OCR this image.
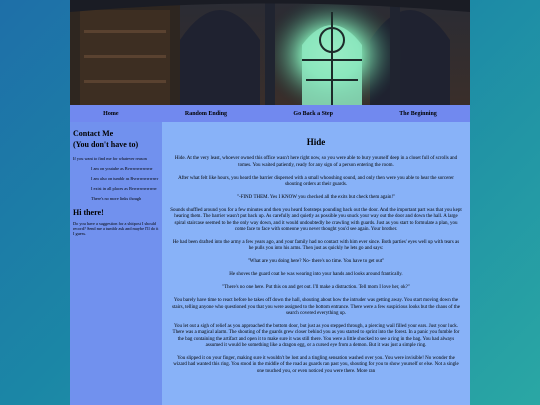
Home	Random Ending	Go Back a Step	The Beginning
Contact Me
(You don't have to)

If you want to find me for whatever reason

I am on youtube as Bvrrrrrrrrrrrrrrrr
I am also on tumblr as Bvrrrrrrrrrrrrrrrr
I exist in all places as Bvrrrrrrrrrrrrrrrr
There's no more links though
Hi there!

Do you have a suggestion for a shitpost I should record? Send me a tumblr ask and maybe I'll do it I guess.

Hide

Hide. At the very least, whoever owned this office wasn't here right now, so you were able to bury yourself deep in a closet full of scrolls and tomes. You waited patiently, ready for any sign of a person entering the room.

After what felt like hours, you heard the barrier dispersed with a small whooshing sound, and only then were you able to hear the sorcerer shouting orders at their guards.

"-FIND THEM. Yes I KNOW you checked all the exits but check them again!"

Sounds shuffled around you for a few minutes and then you heard footsteps pounding back out the door. And the important part was that you kept hearing them. The barrier wasn't put back up. As carefully and quietly as possible you snuck your way out the door and down the hall. A large spiral staircase seemed to be the only way down, and it would undoubtedly be crawling with guards. Just as you start to formulate a plan, you come face to face with someone you never thought you'd see again. Your brother.

He had been drafted into the army a few years ago, and your family had no contact with him ever since. Both parties' eyes well up with tears as he pulls you into his arms. Then just as quickly he lets go and says:

"What are you doing here? No- there's no time. You have to get out"

He shoves the guard coat he was wearing into your hands and looks around frantically.

"There's no one here. Put this on and get out. I'll make a distraction. Tell mom I love her, ok?"

You barely have time to react before he takes off down the hall, shouting about how the intruder was getting away. You start moving down the stairs, telling anyone who questioned you that you were assigned to the bottom entrance. There were a few suspicious looks but the chaos of the search covered everything up.

You let out a sigh of relief as you approached the bottom door, but just as you stepped through, a piercing wail filled your ears. Just your luck. There was a magical alarm. The shouting of the guards grew closer behind you as you started to sprint into the forest. In a panic you fumble for the bag containing the artifact and open it to make sure it was still there. You were a little shocked to see a ring in the bag. You had always assumed it would be something like a dragon egg, or a cursed eye from a demon. But it was just a simple ring.

You slipped it on your finger, making sure it wouldn't be lost and a tingling sensation washed over you. You were invisible! No wonder the wizard had wanted this ring. You stood in the middle of the road as guards ran past you, shouting for you to show yourself or else. Not a single one touched you, or even noticed you were there. More ran
